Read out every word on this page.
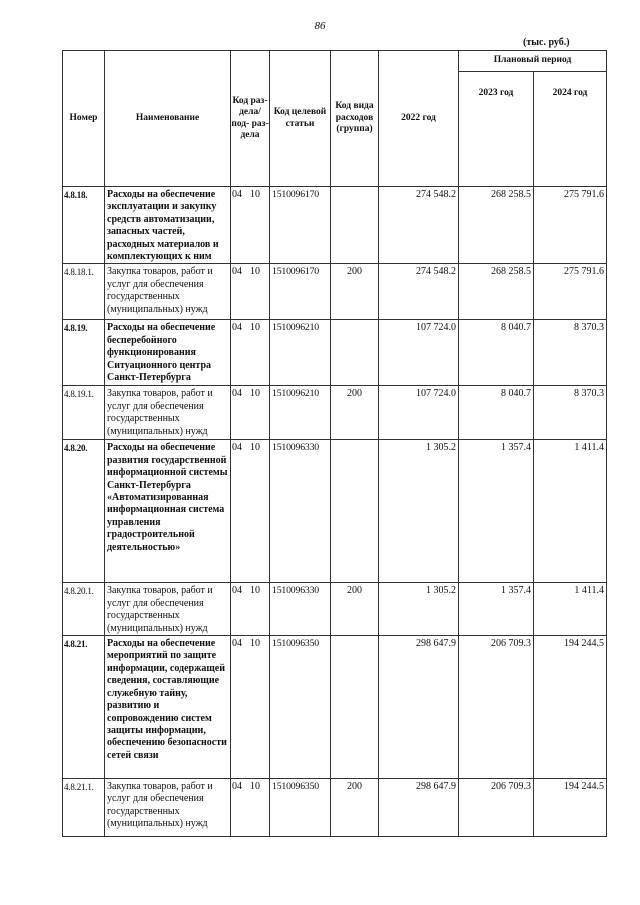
86
(тыс. руб.)
Номер	Наименование	Код раз- дела/ под- раз- дела	Код целевой статьи	Код вида расходов (группа)	2022 год	Плановый период	
						2023 год	2024 год
4.8.18.	Расходы на обеспечение эксплуатации и закупку средств автоматизации, запасных частей, расходных материалов и комплектующих к ним	04 10	1510096170		274 548.2	268 258.5	275 791.6
4.8.18.1.	Закупка товаров, работ и услуг для обеспечения государственных (муниципальных) нужд	04 10	1510096170	200	274 548.2	268 258.5	275 791.6
4.8.19.	Расходы на обеспечение бесперебойного функционирования Ситуационного центра Санкт-Петербурга	04 10	1510096210		107 724.0	8 040.7	8 370.3
4.8.19.1.	Закупка товаров, работ и услуг для обеспечения государственных (муниципальных) нужд	04 10	1510096210	200	107 724.0	8 040.7	8 370.3
4.8.20.	Расходы на обеспечение развития государственной информационной системы Санкт-Петербурга «Автоматизированная информационная система управления градостроительной деятельностью»	04 10	1510096330		1 305.2	1 357.4	1 411.4
4.8.20.1.	Закупка товаров, работ и услуг для обеспечения государственных (муниципальных) нужд	04 10	1510096330	200	1 305.2	1 357.4	1 411.4
4.8.21.	Расходы на обеспечение мероприятий по защите информации, содержащей сведения, составляющие служебную тайну, развитию и сопровождению систем защиты информации, обеспечению безопасности сетей связи	04 10	1510096350		298 647.9	206 709.3	194 244.5
4.8.21.1.	Закупка товаров, работ и услуг для обеспечения государственных (муниципальных) нужд	04 10	1510096350	200	298 647.9	206 709.3	194 244.5
